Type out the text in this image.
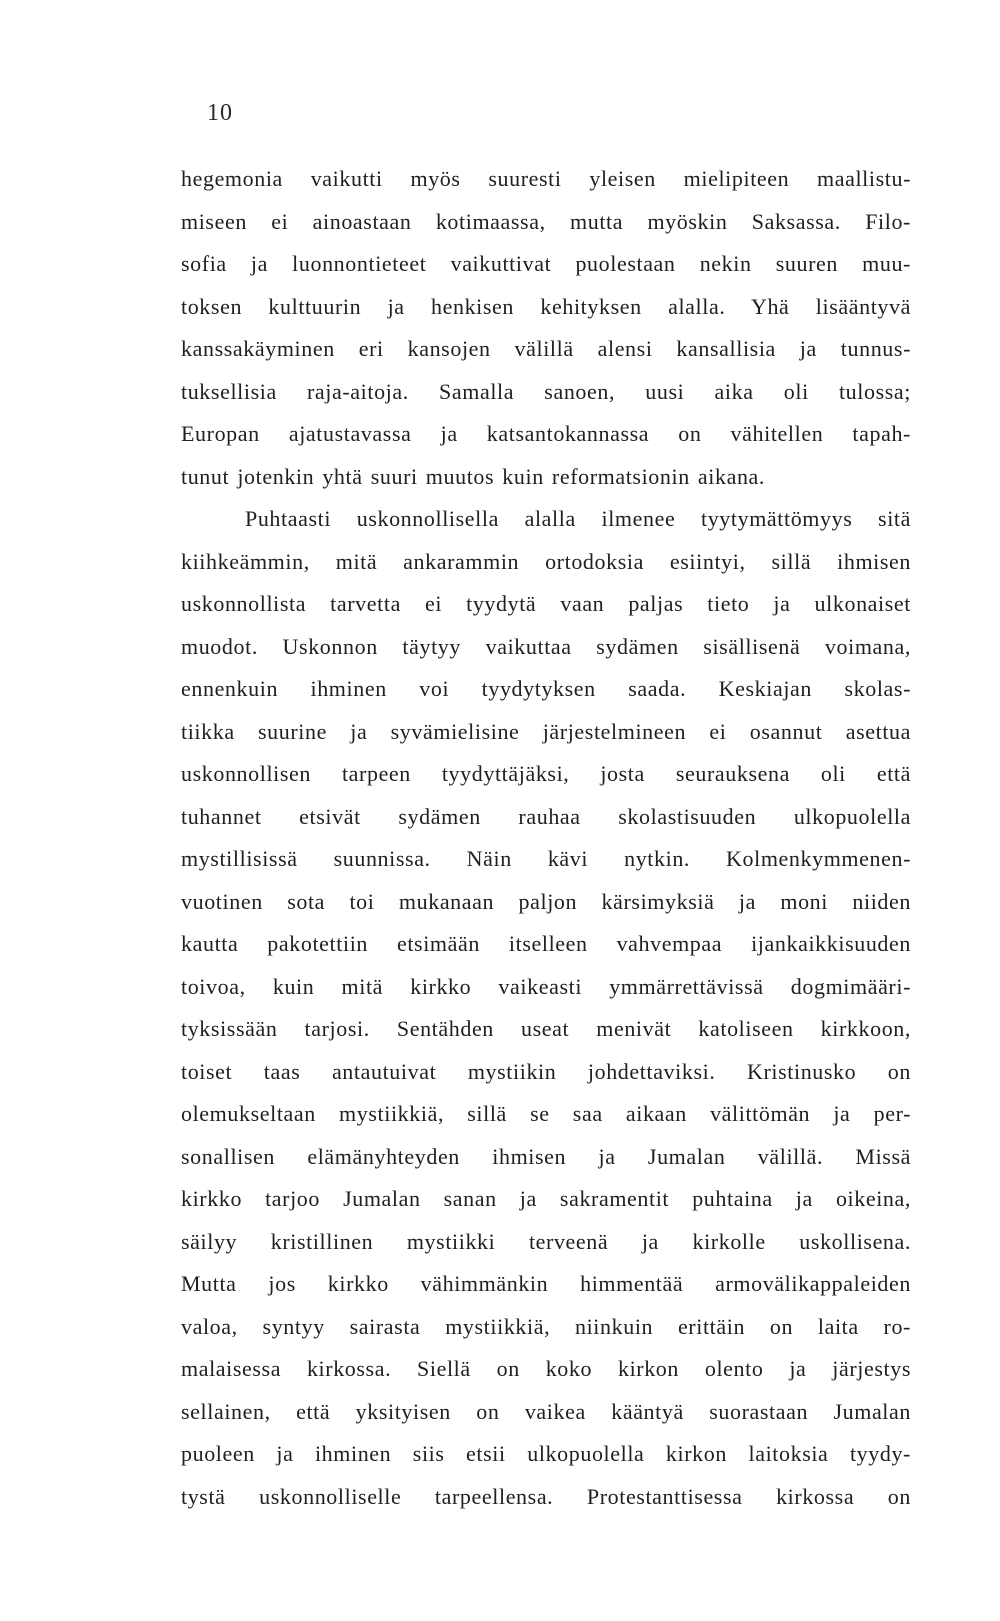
10
hegemonia vaikutti myös suuresti yleisen mielipiteen maallistu-
miseen ei ainoastaan kotimaassa, mutta myöskin Saksassa. Filo-
sofia ja luonnontieteet vaikuttivat puolestaan nekin suuren muu-
toksen kulttuurin ja henkisen kehityksen alalla. Yhä lisääntyvä
kanssakäyminen eri kansojen välillä alensi kansallisia ja tunnus-
tuksellisia raja-aitoja. Samalla sanoen, uusi aika oli tulossa;
Europan ajatustavassa ja katsantokannassa on vähitellen tapah-
tunut jotenkin yhtä suuri muutos kuin reformatsionin aikana.
Puhtaasti uskonnollisella alalla ilmenee tyytymättömyys sitä
kiihkeämmin, mitä ankarammin ortodoksia esiintyi, sillä ihmisen
uskonnollista tarvetta ei tyydytä vaan paljas tieto ja ulkonaiset
muodot. Uskonnon täytyy vaikuttaa sydämen sisällisenä voimana,
ennenkuin ihminen voi tyydytyksen saada. Keskiajan skolas-
tiikka suurine ja syvämielisine järjestelmineen ei osannut asettua
uskonnollisen tarpeen tyydyttäjäksi, josta seurauksena oli että
tuhannet etsivät sydämen rauhaa skolastisuuden ulkopuolella
mystillisissä suunnissa. Näin kävi nytkin. Kolmenkymmenen-
vuotinen sota toi mukanaan paljon kärsimyksiä ja moni niiden
kautta pakotettiin etsimään itselleen vahvempaa ijankaikkisuuden
toivoa, kuin mitä kirkko vaikeasti ymmärrettävissä dogmimääri-
tyksissään tarjosi. Sentähden useat menivät katoliseen kirkkoon,
toiset taas antautuivat mystiikin johdettaviksi. Kristinusko on
olemukseltaan mystiikkiä, sillä se saa aikaan välittömän ja per-
sonallisen elämänyhteyden ihmisen ja Jumalan välillä. Missä
kirkko tarjoo Jumalan sanan ja sakramentit puhtaina ja oikeina,
säilyy kristillinen mystiikki terveenä ja kirkolle uskollisena.
Mutta jos kirkko vähimmänkin himmentää armovälikappaleiden
valoa, syntyy sairasta mystiikkiä, niinkuin erittäin on laita ro-
malaisessa kirkossa. Siellä on koko kirkon olento ja järjestys
sellainen, että yksityisen on vaikea kääntyä suorastaan Jumalan
puoleen ja ihminen siis etsii ulkopuolella kirkon laitoksia tyydy-
tystä uskonnolliselle tarpeellensa. Protestanttisessa kirkossa on
